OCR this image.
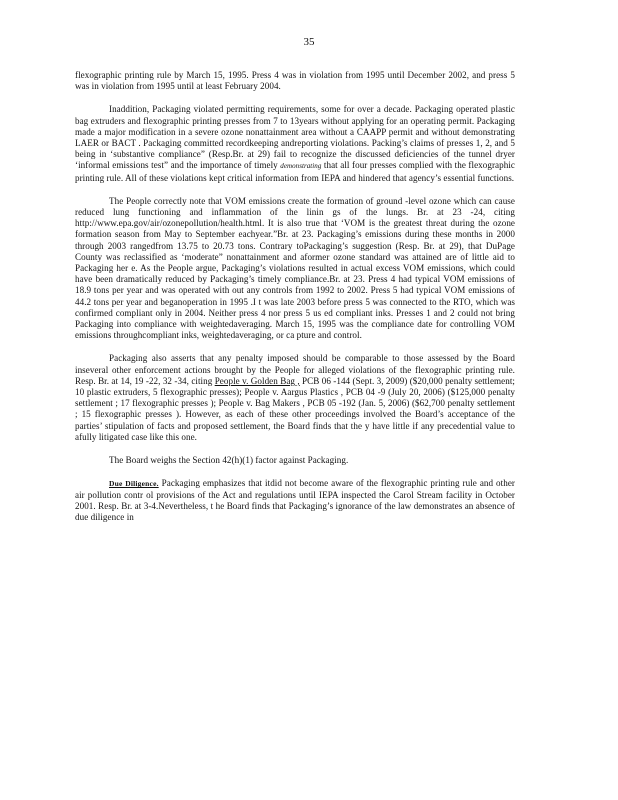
35

flexographic printing rule by March 15, 1995. Press 4 was in violation from 1995 until December 2002, and press 5 was in violation from 1995 until at least February 2004.

Inaddition, Packaging violated permitting requirements, some for over a decade. Packaging operated plastic bag extruders and flexographic printing presses from 7 to 13years without applying for an operating permit. Packaging made a major modification in a severe ozone nonattainment area without a CAAPP permit and without demonstrating LAER or BACT . Packaging committed recordkeeping andreporting violations. Packing’s claims of presses 1, 2, and 5 being in ‘substantive compliance” (Resp.Br. at 29) fail to recognize the discussed deficiencies of the tunnel dryer ‘informal emissions test” and the importance of timely demonstrating that all four presses complied with the flexographic printing rule. All of these violations kept critical information from IEPA and hindered that agency’s essential functions.

The People correctly note that VOM emissions create the formation of ground -level ozone which can cause reduced lung functioning and inflammation of the linin gs of the lungs. Br. at 23 -24, citing http://www.epa.gov/air/ozonepollution/health.html. It is also true that ‘VOM is the greatest threat during the ozone formation season from May to September eachyear.”Br. at 23. Packaging’s emissions during these months in 2000 through 2003 rangedfrom 13.75 to 20.73 tons. Contrary toPackaging’s suggestion (Resp. Br. at 29), that DuPage County was reclassified as ‘moderate” nonattainment and aformer ozone standard was attained are of little aid to Packaging her e. As the People argue, Packaging’s violations resulted in actual excess VOM emissions, which could have been dramatically reduced by Packaging’s timely compliance.Br. at 23. Press 4 had typical VOM emissions of 18.9 tons per year and was operated with out any controls from 1992 to 2002. Press 5 had typical VOM emissions of 44.2 tons per year and beganoperation in 1995 .I t was late 2003 before press 5 was connected to the RTO, which was confirmed compliant only in 2004. Neither press 4 nor press 5 us ed compliant inks. Presses 1 and 2 could not bring Packaging into compliance with weightedaveraging. March 15, 1995 was the compliance date for controlling VOM emissions throughcompliant inks, weightedaveraging, or ca pture and control.

Packaging also asserts that any penalty imposed should be comparable to those assessed by the Board inseveral other enforcement actions brought by the People for alleged violations of the flexographic printing rule. Resp. Br. at 14, 19 -22, 32 -34, citing People v. Golden Bag , PCB 06 -144 (Sept. 3, 2009) ($20,000 penalty settlement; 10 plastic extruders, 5 flexographic presses); People v. Aargus Plastics , PCB 04 -9 (July 20, 2006) ($125,000 penalty settlement ; 17 flexographic presses ); People v. Bag Makers , PCB 05 -192 (Jan. 5, 2006) ($62,700 penalty settlement ; 15 flexographic presses ). However, as each of these other proceedings involved the Board’s acceptance of the parties’ stipulation of facts and proposed settlement, the Board finds that the y have little if any precedential value to afully litigated case like this one.

The Board weighs the Section 42(h)(1) factor against Packaging.

Due Diligence. Packaging emphasizes that itdid not become aware of the flexographic printing rule and other air pollution contr ol provisions of the Act and regulations until IEPA inspected the Carol Stream facility in October 2001. Resp. Br. at 3-4.Nevertheless, t he Board finds that Packaging’s ignorance of the law demonstrates an absence of due diligence in
